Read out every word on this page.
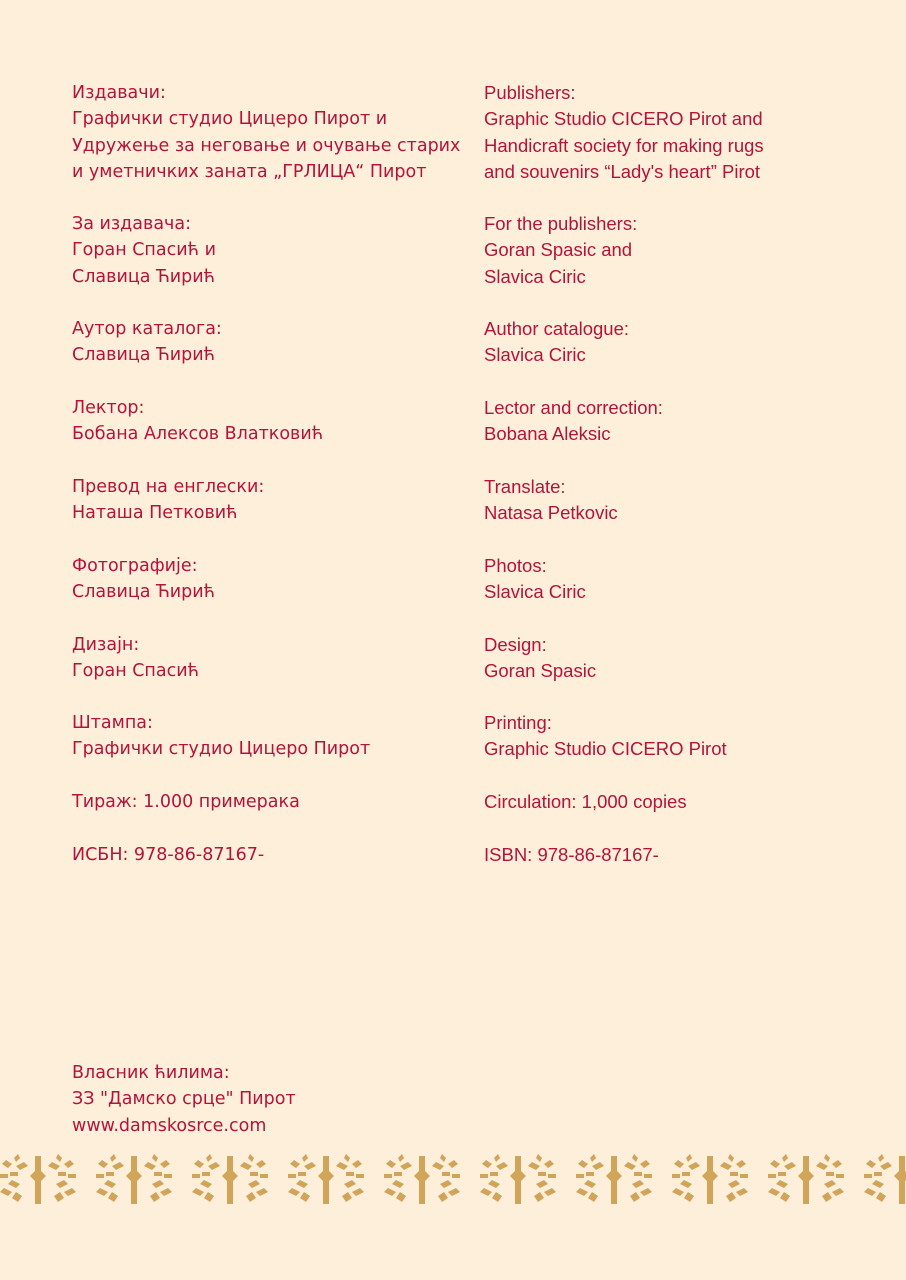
Издавачи:
Графички студио Цицеро Пирот и
Удружење за неговање и очување старих
и уметничких заната „ГРЛИЦА“ Пирот
За издавача:
Горан Спасић и
Славица Ћирић
Аутор каталога:
Славица Ћирић
Лектор:
Бобана Алексов Влатковић
Превод на енглески:
Наташа Петковић
Фотографије:
Славица Ћирић
Дизајн:
Горан Спасић
Штампа:
Графички студио Цицеро Пирот
Тираж: 1.000 примерака
ИСБН: 978-86-87167-
Publishers:
Graphic Studio CICERO Pirot and
Handicraft society for making rugs
and souvenirs “Lady's heart” Pirot
For the publishers:
Goran Spasic and
Slavica Ciric
Author catalogue:
Slavica Ciric
Lector and correction:
Bobana Aleksic
Translate:
Natasa Petkovic
Photos:
Slavica Ciric
Design:
Goran Spasic
Printing:
Graphic Studio CICERO Pirot
Circulation: 1,000 copies
ISBN: 978-86-87167-
Власник ћилима:
ЗЗ "Дамско срце" Пирот
www.damskosrce.com
